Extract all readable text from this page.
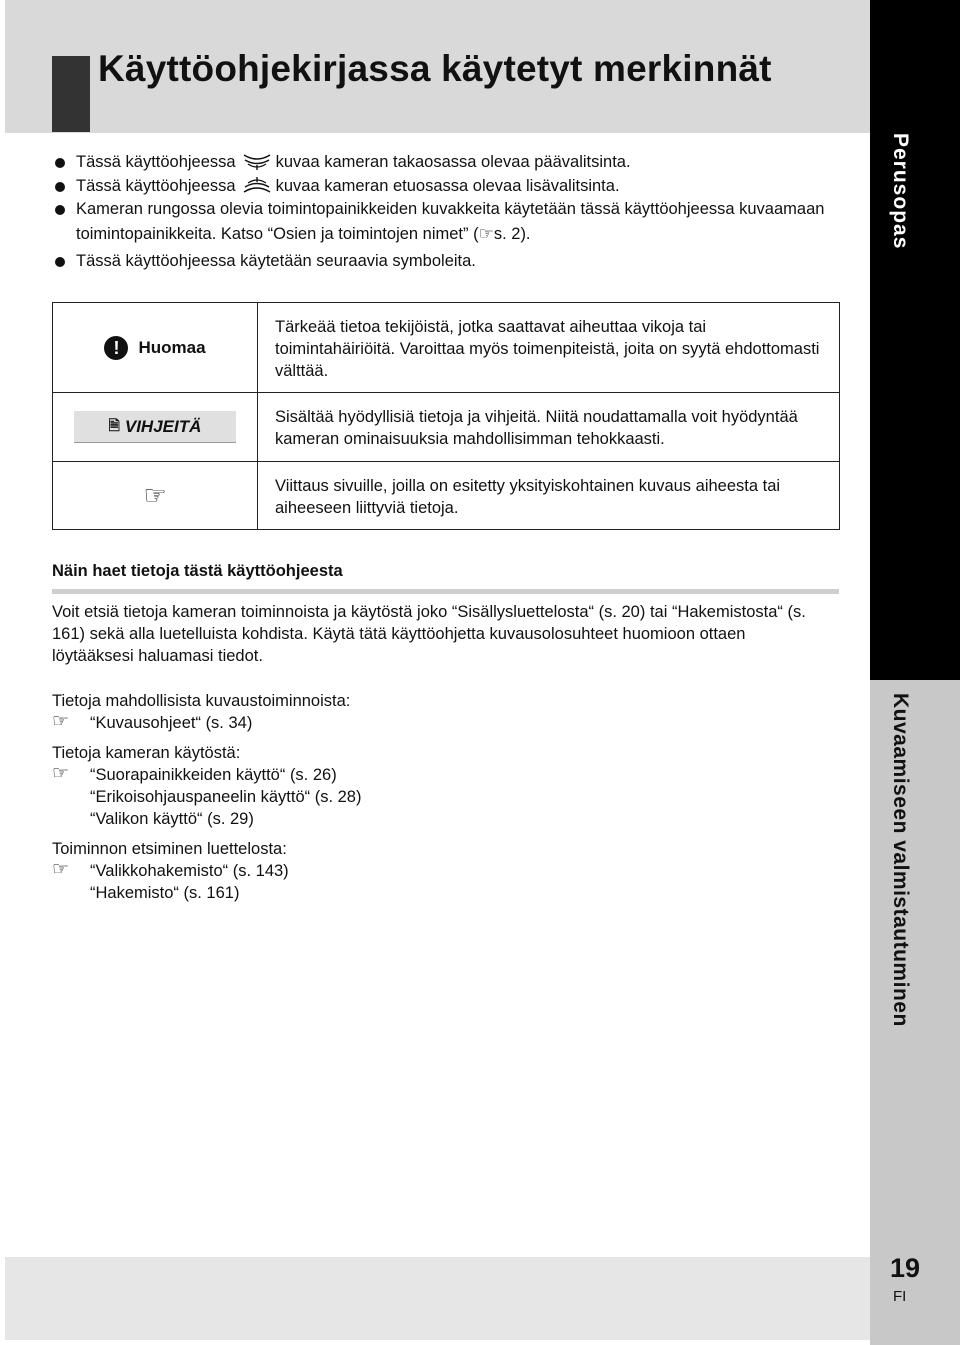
Käyttöohjekirjassa käytetyt merkinnät
Perusopas
Kuvaamiseen valmistautuminen

Tässä käyttöohjeessa kuvaa kameran takaosassa olevaa päävalitsinta.

Tässä käyttöohjeessa kuvaa kameran etuosassa olevaa lisävalitsinta.

Kameran rungossa olevia toimintopainikkeiden kuvakkeita käytetään tässä käyttöohjeessa kuvaamaan toimintopainikkeita. Katso “Osien ja toimintojen nimet” (☞s. 2).

Tässä käyttöohjeessa käytetään seuraavia symboleita.

! Huomaa	Tärkeää tietoa tekijöistä, jotka saattavat aiheuttaa vikoja tai toimintahäiriöitä. Varoittaa myös toimenpiteistä, joita on syytä ehdottomasti välttää.

🗎 VIHJEITÄ	Sisältää hyödyllisiä tietoja ja vihjeitä. Niitä noudattamalla voit hyödyntää kameran ominaisuuksia mahdollisimman tehokkaasti.
☞	Viittaus sivuille, joilla on esitetty yksityiskohtainen kuvaus aiheesta tai aiheeseen liittyviä tietoja.
Näin haet tietoja tästä käyttöohjeesta

Voit etsiä tietoja kameran toiminnoista ja käytöstä joko “Sisällysluettelosta“ (s. 20) tai “Hakemistosta“ (s. 161) sekä alla luetelluista kohdista. Käytä tätä käyttöohjetta kuvausolosuhteet huomioon ottaen löytääksesi haluamasi tiedot.

Tietoja mahdollisista kuvaustoiminnoista:

☞ “Kuvausohjeet“ (s. 34)

Tietoja kameran käytöstä:

☞ “Suorapainikkeiden käyttö“ (s. 26)

“Erikoisohjauspaneelin käyttö“ (s. 28)

“Valikon käyttö“ (s. 29)

Toiminnon etsiminen luettelosta:

☞ “Valikkohakemisto“ (s. 143)

“Hakemisto“ (s. 161)

19
FI
